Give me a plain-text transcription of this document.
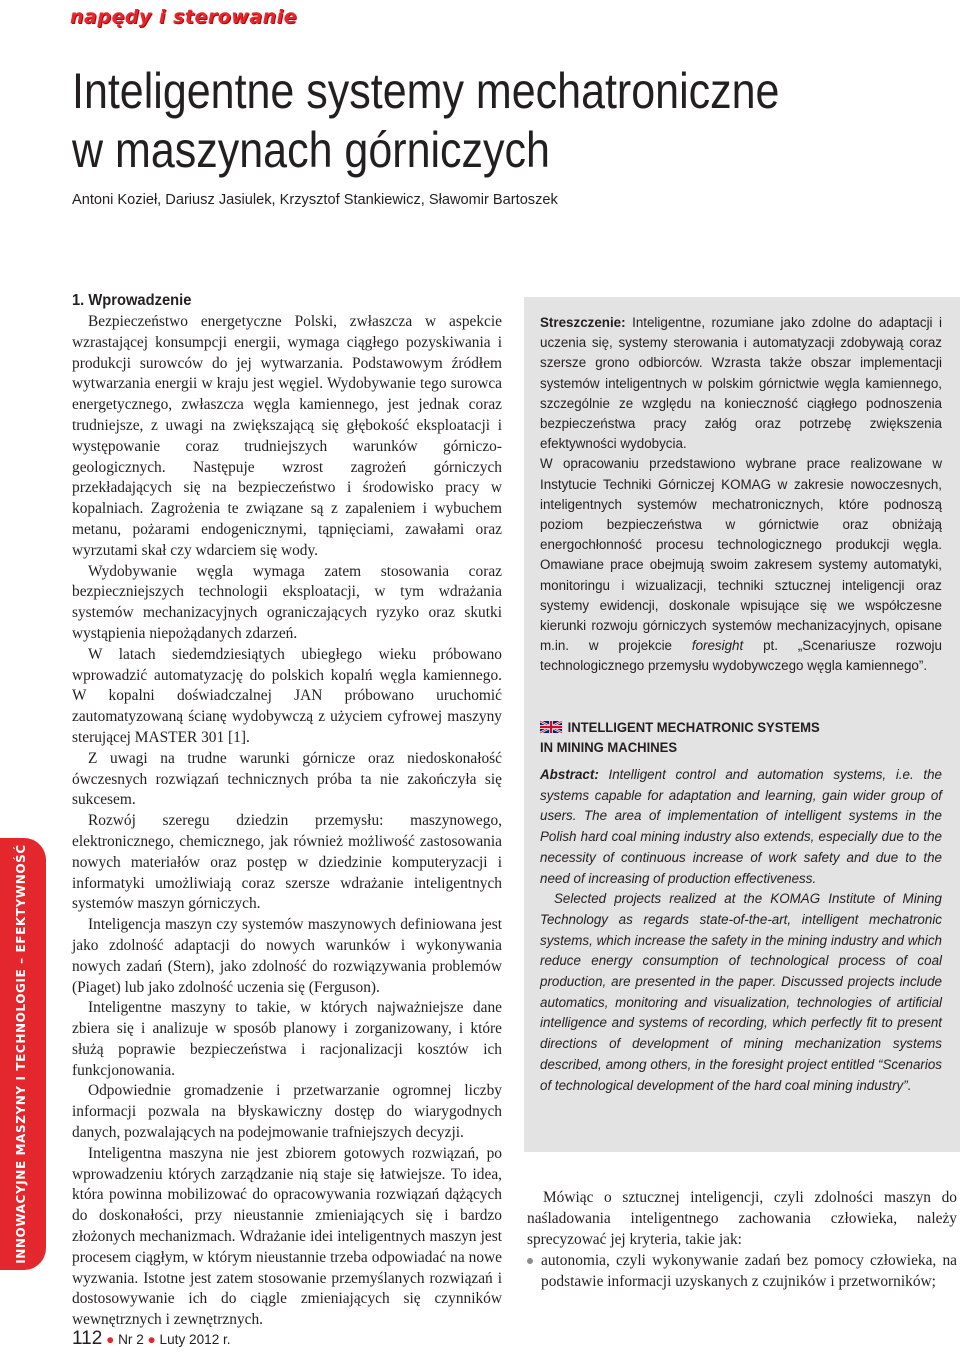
napędy i sterowanie
INNOWACYJNE MASZYNY I TECHNOLOGIE – EFEKTYWNOŚĆ
Inteligentne systemy mechatroniczne
w maszynach górniczych
Antoni Kozieł, Dariusz Jasiulek, Krzysztof Stankiewicz, Sławomir Bartoszek
1. Wprowadzenie

Bezpieczeństwo energetyczne Polski, zwłaszcza w aspekcie wzrastającej konsumpcji energii, wymaga ciągłego pozyskiwania i produkcji surowców do jej wytwarzania. Podstawowym źródłem wytwarzania energii w kraju jest węgiel. Wydobywanie tego surowca energetycznego, zwłaszcza węgla kamiennego, jest jednak coraz trudniejsze, z uwagi na zwiększającą się głębokość eksploatacji i występowanie coraz trudniejszych warunków górniczo-geologicznych. Następuje wzrost zagrożeń górniczych przekładających się na bezpieczeństwo i środowisko pracy w kopalniach. Zagrożenia te związane są z zapaleniem i wybuchem metanu, pożarami endogenicznymi, tąpnięciami, zawałami oraz wyrzutami skał czy wdarciem się wody.

Wydobywanie węgla wymaga zatem stosowania coraz bezpieczniejszych technologii eksploatacji, w tym wdrażania systemów mechanizacyjnych ograniczających ryzyko oraz skutki wystąpienia niepożądanych zdarzeń.

W latach siedemdziesiątych ubiegłego wieku próbowano wprowadzić automatyzację do polskich kopalń węgla kamiennego. W kopalni doświadczalnej JAN próbowano uruchomić zautomatyzowaną ścianę wydobywczą z użyciem cyfrowej maszyny sterującej MASTER 301 [1].

Z uwagi na trudne warunki górnicze oraz niedoskonałość ówczesnych rozwiązań technicznych próba ta nie zakończyła się sukcesem.

Rozwój szeregu dziedzin przemysłu: maszynowego, elektronicznego, chemicznego, jak również możliwość zastosowania nowych materiałów oraz postęp w dziedzinie komputeryzacji i informatyki umożliwiają coraz szersze wdrażanie inteligentnych systemów maszyn górniczych.

Inteligencja maszyn czy systemów maszynowych definiowana jest jako zdolność adaptacji do nowych warunków i wykonywania nowych zadań (Stern), jako zdolność do rozwiązywania problemów (Piaget) lub jako zdolność uczenia się (Ferguson).

Inteligentne maszyny to takie, w których najważniejsze dane zbiera się i analizuje w sposób planowy i zorganizowany, i które służą poprawie bezpieczeństwa i racjonalizacji kosztów ich funkcjonowania.

Odpowiednie gromadzenie i przetwarzanie ogromnej liczby informacji pozwala na błyskawiczny dostęp do wiarygodnych danych, pozwalających na podejmowanie trafniejszych decyzji.

Inteligentna maszyna nie jest zbiorem gotowych rozwiązań, po wprowadzeniu których zarządzanie nią staje się łatwiejsze. To idea, która powinna mobilizować do opracowywania rozwiązań dążących do doskonałości, przy nieustannie zmieniających się i bardzo złożonych mechanizmach. Wdrażanie idei inteligentnych maszyn jest procesem ciągłym, w którym nieustannie trzeba odpowiadać na nowe wyzwania. Istotne jest zatem stosowanie przemyślanych rozwiązań i dostosowywanie ich do ciągle zmieniających się czynników wewnętrznych i zewnętrznych.

Streszczenie: Inteligentne, rozumiane jako zdolne do adaptacji i uczenia się, systemy sterowania i automatyzacji zdobywają coraz szersze grono odbiorców. Wzrasta także obszar implementacji systemów inteligentnych w polskim górnictwie węgla kamiennego, szczególnie ze względu na konieczność ciągłego podnoszenia bezpieczeństwa pracy załóg oraz potrzebę zwiększenia efektywności wydobycia.

W opracowaniu przedstawiono wybrane prace realizowane w Instytucie Techniki Górniczej KOMAG w zakresie nowoczesnych, inteligentnych systemów mechatronicznych, które podnoszą poziom bezpieczeństwa w górnictwie oraz obniżają energochłonność procesu technologicznego produkcji węgla. Omawiane prace obejmują swoim zakresem systemy automatyki, monitoringu i wizualizacji, techniki sztucznej inteligencji oraz systemy ewidencji, doskonale wpisujące się we współczesne kierunki rozwoju górniczych systemów mechanizacyjnych, opisane m.in. w projekcie foresight pt. „Scenariusze rozwoju technologicznego przemysłu wydobywczego węgla kamiennego”.

INTELLIGENT MECHATRONIC SYSTEMS
IN MINING MACHINES

Abstract: Intelligent control and automation systems, i.e. the systems capable for adaptation and learning, gain wider group of users. The area of implementation of intelligent systems in the Polish hard coal mining industry also extends, especially due to the necessity of continuous increase of work safety and due to the need of increasing of production effectiveness.

Selected projects realized at the KOMAG Institute of Mining Technology as regards state-of-the-art, intelligent mechatronic systems, which increase the safety in the mining industry and which reduce energy consumption of technological process of coal production, are presented in the paper. Discussed projects include automatics, monitoring and visualization, technologies of artificial intelligence and systems of recording, which perfectly fit to present directions of development of mining mechanization systems described, among others, in the foresight project entitled “Scenarios of technological development of the hard coal mining industry”.

Mówiąc o sztucznej inteligencji, czyli zdolności maszyn do naśladowania inteligentnego zachowania człowieka, należy sprecyzować jej kryteria, takie jak:

autonomia, czyli wykonywanie zadań bez pomocy człowieka, na podstawie informacji uzyskanych z czujników i przetworników;
112 ● Nr 2 ● Luty 2012 r.
